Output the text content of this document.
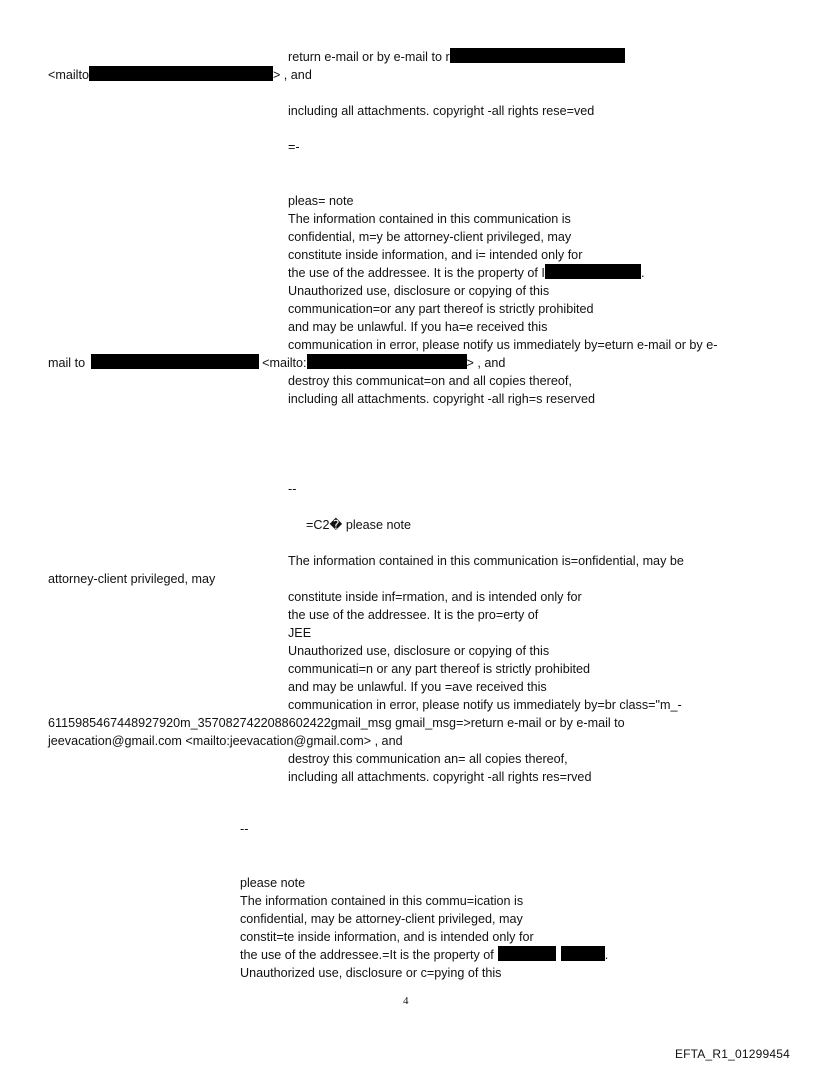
return e-mail or by e-mail to r
<mailto	> , and
including all attachments. copyright -all rights rese=ved
=-
pleas= note
The information contained in this communication is
confidential, m=y be attorney-client privileged, may
constitute inside information, and i= intended only for
the use of the addressee. It is the property of I	.
Unauthorized use, disclosure or copying of this
communication=or any part thereof is strictly prohibited
and may be unlawful. If you ha=e received this
communication in error, please notify us immediately by=eturn e-mail or by e-
mail to	<mailto:	> , and
destroy this communicat=on and all copies thereof,
including all attachments. copyright -all righ=s reserved
--
=C2� please note
The information contained in this communication is=onfidential, may be
attorney-client privileged, may
constitute inside inf=rmation, and is intended only for
the use of the addressee. It is the pro=erty of
JEE
Unauthorized use, disclosure or copying of this
communicati=n or any part thereof is strictly prohibited
and may be unlawful. If you =ave received this
communication in error, please notify us immediately by=br class="m_-
6115985467448927920m_3570827422088602422gmail_msg gmail_msg=>return e-mail or by e-mail to
jeevacation@gmail.com <mailto:jeevacation@gmail.com> , and
destroy this communication an= all copies thereof,
including all attachments. copyright -all rights res=rved
--
please note
The information contained in this commu=ication is
confidential, may be attorney-client privileged, may
constit=te inside information, and is intended only for
the use of the addressee.=It is the property of	.
Unauthorized use, disclosure or c=pying of this
4
EFTA_R1_01299454
